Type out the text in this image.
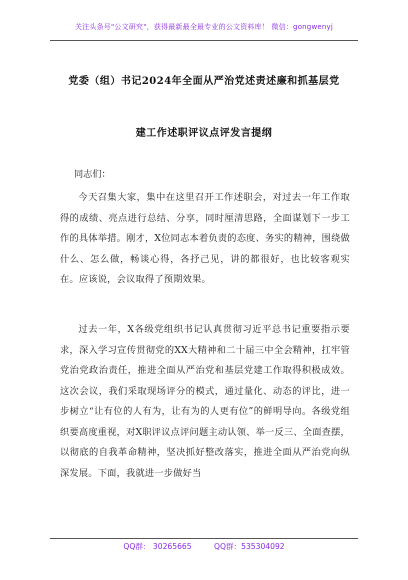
关注头条号"公文研究"，获得最新最全最专业的公文资料库！ 微信：gongwenyj
党委（组）书记2024年全面从严治党述责述廉和抓基层党
建工作述职评议点评发言提纲
同志们：
今天召集大家，集中在这里召开工作述职会，对过去一年工作取得的成绩、亮点进行总结、分享，同时厘清思路，全面谋划下一步工作的具体举措。刚才，X位同志本着负责的态度、务实的精神，围绕做什么、怎么做，畅谈心得，各抒己见，讲的都很好，也比较客观实在。应该说，会议取得了预期效果。
过去一年，X各级党组织书记认真贯彻习近平总书记重要指示要求，深入学习宣传贯彻党的XX大精神和二十届三中全会精神，扛牢管党治党政治责任，推进全面从严治党和基层党建工作取得积极成效。这次会议，我们采取现场评分的模式，通过量化、动态的评比，进一步树立“让有位的人有为，让有为的人更有位”的鲜明导向。各级党组织要高度重视，对X职评议点评问题主动认领、举一反三、全面查摆，以彻底的自我革命精神，坚决抓好整改落实，推进全面从严治党向纵深发展。下面，我就进一步做好当
QQ群： 30265665	QQ群：535304092
